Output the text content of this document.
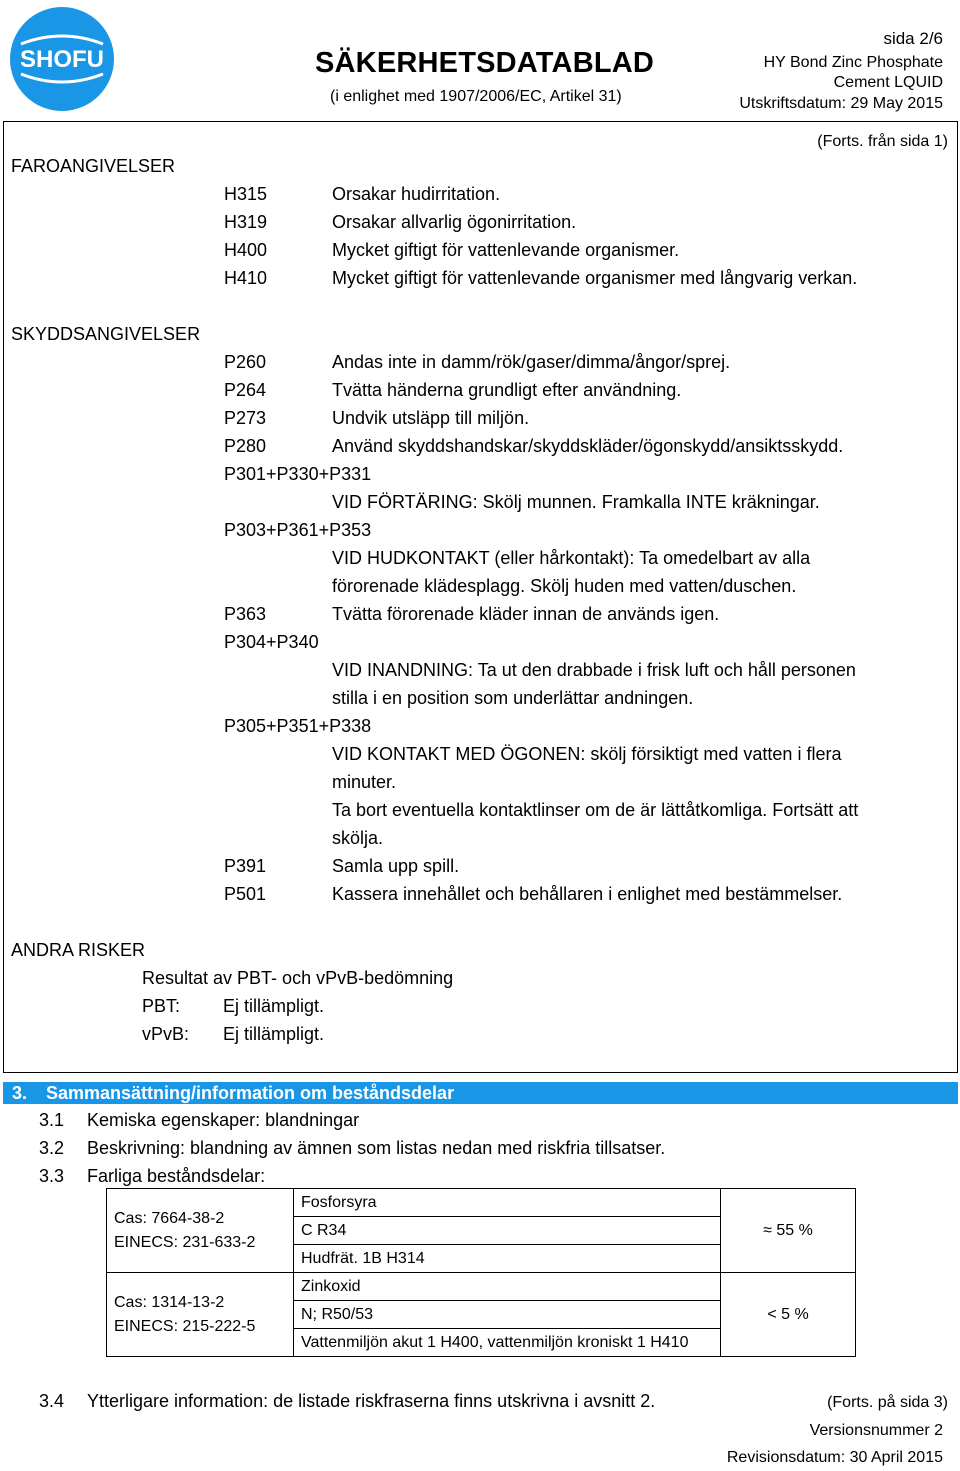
SHOFU	SÄKERHETSDATABLAD
(i enlighet med 1907/2006/EC, Artikel 31)
sida 2/6
HY Bond Zinc Phosphate
Cement LQUID
Utskriftsdatum: 29 May 2015
(Forts. från sida 1)
FAROANGIVELSER
H315	Orsakar hudirritation.
H319	Orsakar allvarlig ögonirritation.
H400	Mycket giftigt för vattenlevande organismer.
H410	Mycket giftigt för vattenlevande organismer med långvarig verkan.
SKYDDSANGIVELSER
P260	Andas inte in damm/rök/gaser/dimma/ångor/sprej.
P264	Tvätta händerna grundligt efter användning.
P273	Undvik utsläpp till miljön.
P280	Använd skyddshandskar/skyddskläder/ögonskydd/ansiktsskydd.
P301+P330+P331
VID FÖRTÄRING: Skölj munnen. Framkalla INTE kräkningar.
P303+P361+P353
VID HUDKONTAKT (eller hårkontakt): Ta omedelbart av alla
förorenade klädesplagg. Skölj huden med vatten/duschen.
P363	Tvätta förorenade kläder innan de används igen.
P304+P340
VID INANDNING: Ta ut den drabbade i frisk luft och håll personen
stilla i en position som underlättar andningen.
P305+P351+P338
VID KONTAKT MED ÖGONEN: skölj försiktigt med vatten i flera
minuter.
Ta bort eventuella kontaktlinser om de är lättåtkomliga. Fortsätt att
skölja.
P391	Samla upp spill.
P501	Kassera innehållet och behållaren i enlighet med bestämmelser.
ANDRA RISKER
Resultat av PBT- och vPvB-bedömning
PBT: Ej tillämpligt.
vPvB: Ej tillämpligt.
3. Sammansättning/information om beståndsdelar
3.1 Kemiska egenskaper: blandningar
3.2 Beskrivning: blandning av ämnen som listas nedan med riskfria tillsatser.
3.3 Farliga beståndsdelar:
Cas: 7664-38-2
EINECS: 231-633-2	Fosforsyra	≈ 55 %
	C R34	
	Hudfrät. 1B H314	

Cas: 1314-13-2
EINECS: 215-222-5	Zinkoxid	< 5 %
	N; R50/53	
	Vattenmiljön akut 1 H400, vattenmiljön kroniskt 1 H410	
3.4 Ytterligare information: de listade riskfraserna finns utskrivna i avsnitt 2.	(Forts. på sida 3)
Versionsnummer 2
Revisionsdatum: 30 April 2015
